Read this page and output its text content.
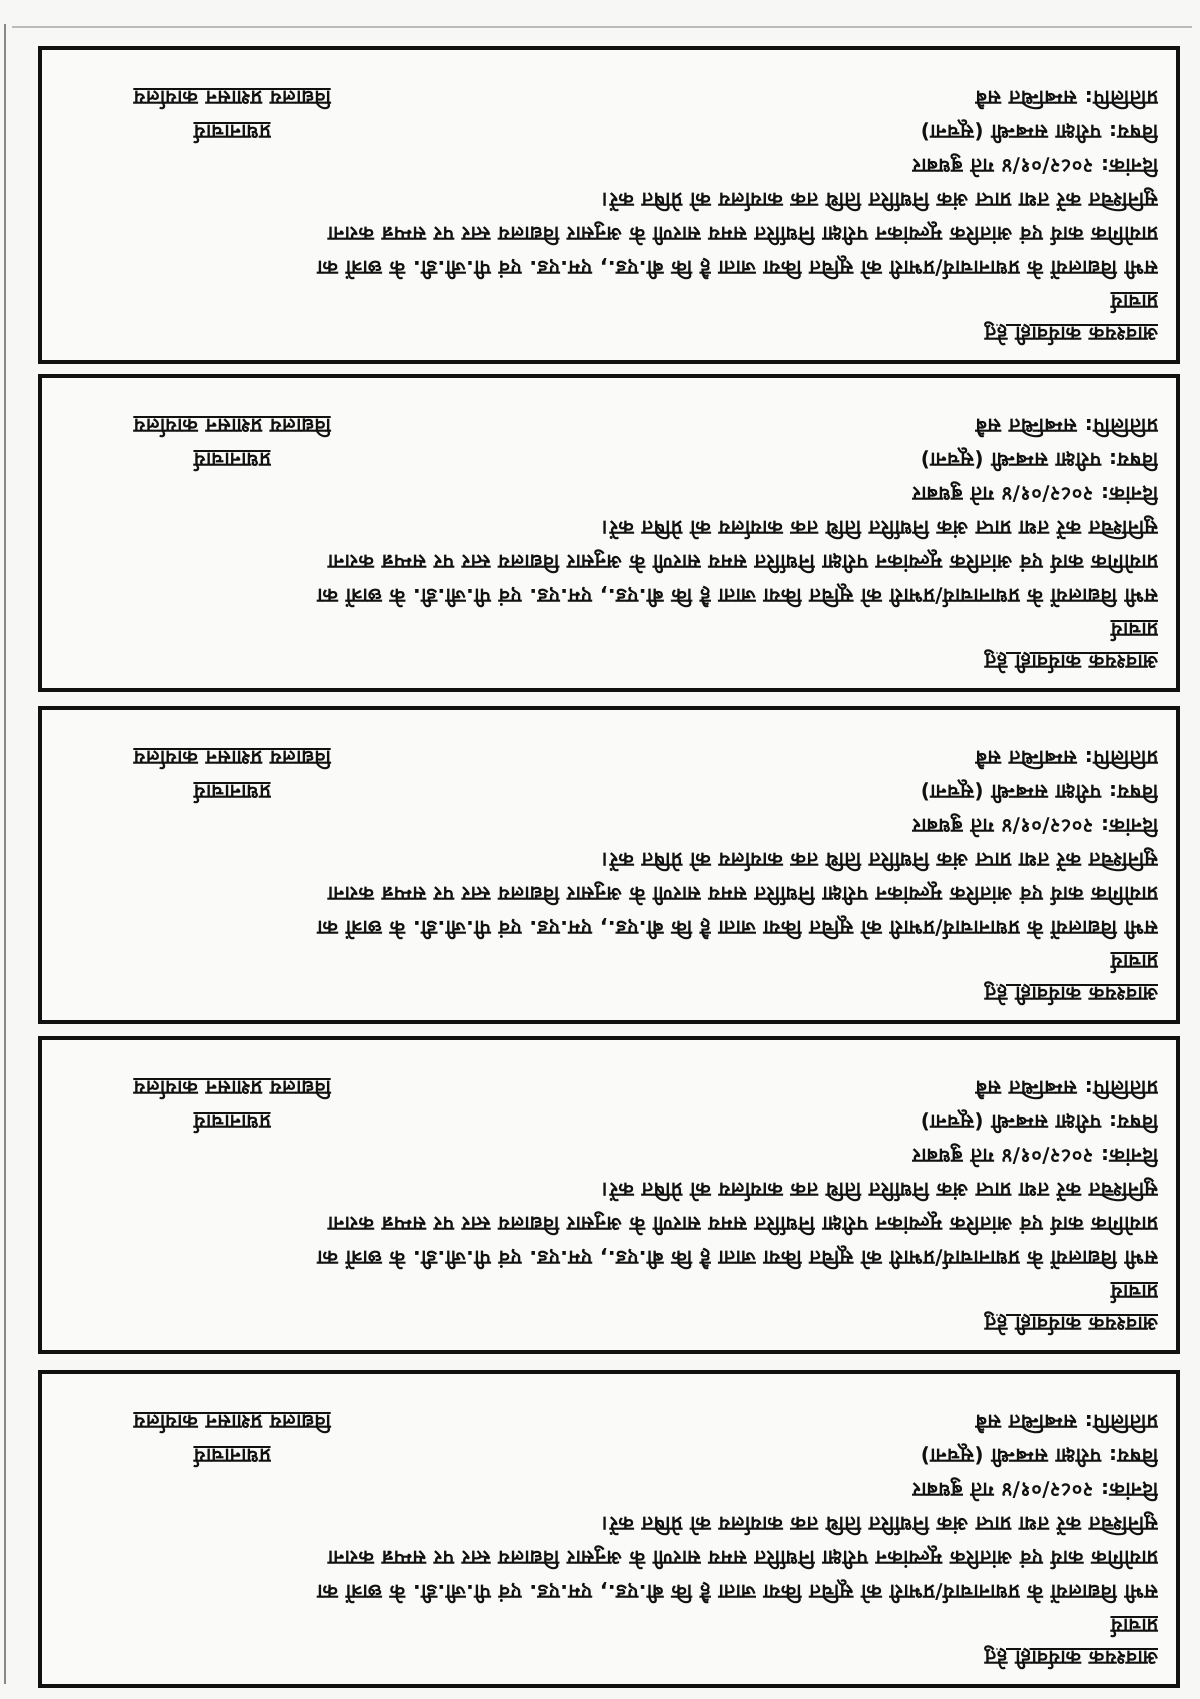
आवश्यक कार्यवाही हेतु
प्राचार्य
सभी विद्यालयों के प्रधानाचार्य/प्रभारी को सूचित किया जाता है कि बी.एड., एम.एड. एवं पी.जी.डी. के छात्रों का
प्रायोगिक कार्य एवं आंतरिक मूल्यांकन परीक्षा निर्धारित समय सारणी के अनुसार विद्यालय स्तर पर सम्पन्न कराना
सुनिश्चित करें तथा प्राप्त अंक निर्धारित तिथि तक कार्यालय को प्रेषित करें।
दिनांक: २०८२/०१/४ गते बुधबार
विषय: परीक्षा सम्बन्धी (सूचना)
प्रतिलिपि: सम्बन्धित सबै
प्रधानाचार्य
विद्यालय प्रशासन कार्यालय
आवश्यक कार्यवाही हेतु
प्राचार्य
सभी विद्यालयों के प्रधानाचार्य/प्रभारी को सूचित किया जाता है कि बी.एड., एम.एड. एवं पी.जी.डी. के छात्रों का
प्रायोगिक कार्य एवं आंतरिक मूल्यांकन परीक्षा निर्धारित समय सारणी के अनुसार विद्यालय स्तर पर सम्पन्न कराना
सुनिश्चित करें तथा प्राप्त अंक निर्धारित तिथि तक कार्यालय को प्रेषित करें।
दिनांक: २०८२/०१/४ गते बुधबार
विषय: परीक्षा सम्बन्धी (सूचना)
प्रतिलिपि: सम्बन्धित सबै
प्रधानाचार्य
विद्यालय प्रशासन कार्यालय
आवश्यक कार्यवाही हेतु
प्राचार्य
सभी विद्यालयों के प्रधानाचार्य/प्रभारी को सूचित किया जाता है कि बी.एड., एम.एड. एवं पी.जी.डी. के छात्रों का
प्रायोगिक कार्य एवं आंतरिक मूल्यांकन परीक्षा निर्धारित समय सारणी के अनुसार विद्यालय स्तर पर सम्पन्न कराना
सुनिश्चित करें तथा प्राप्त अंक निर्धारित तिथि तक कार्यालय को प्रेषित करें।
दिनांक: २०८२/०१/४ गते बुधबार
विषय: परीक्षा सम्बन्धी (सूचना)
प्रतिलिपि: सम्बन्धित सबै
प्रधानाचार्य
विद्यालय प्रशासन कार्यालय
आवश्यक कार्यवाही हेतु
प्राचार्य
सभी विद्यालयों के प्रधानाचार्य/प्रभारी को सूचित किया जाता है कि बी.एड., एम.एड. एवं पी.जी.डी. के छात्रों का
प्रायोगिक कार्य एवं आंतरिक मूल्यांकन परीक्षा निर्धारित समय सारणी के अनुसार विद्यालय स्तर पर सम्पन्न कराना
सुनिश्चित करें तथा प्राप्त अंक निर्धारित तिथि तक कार्यालय को प्रेषित करें।
दिनांक: २०८२/०१/४ गते बुधबार
विषय: परीक्षा सम्बन्धी (सूचना)
प्रतिलिपि: सम्बन्धित सबै
प्रधानाचार्य
विद्यालय प्रशासन कार्यालय
आवश्यक कार्यवाही हेतु
प्राचार्य
सभी विद्यालयों के प्रधानाचार्य/प्रभारी को सूचित किया जाता है कि बी.एड., एम.एड. एवं पी.जी.डी. के छात्रों का
प्रायोगिक कार्य एवं आंतरिक मूल्यांकन परीक्षा निर्धारित समय सारणी के अनुसार विद्यालय स्तर पर सम्पन्न कराना
सुनिश्चित करें तथा प्राप्त अंक निर्धारित तिथि तक कार्यालय को प्रेषित करें।
दिनांक: २०८२/०१/४ गते बुधबार
विषय: परीक्षा सम्बन्धी (सूचना)
प्रतिलिपि: सम्बन्धित सबै
प्रधानाचार्य
विद्यालय प्रशासन कार्यालय
